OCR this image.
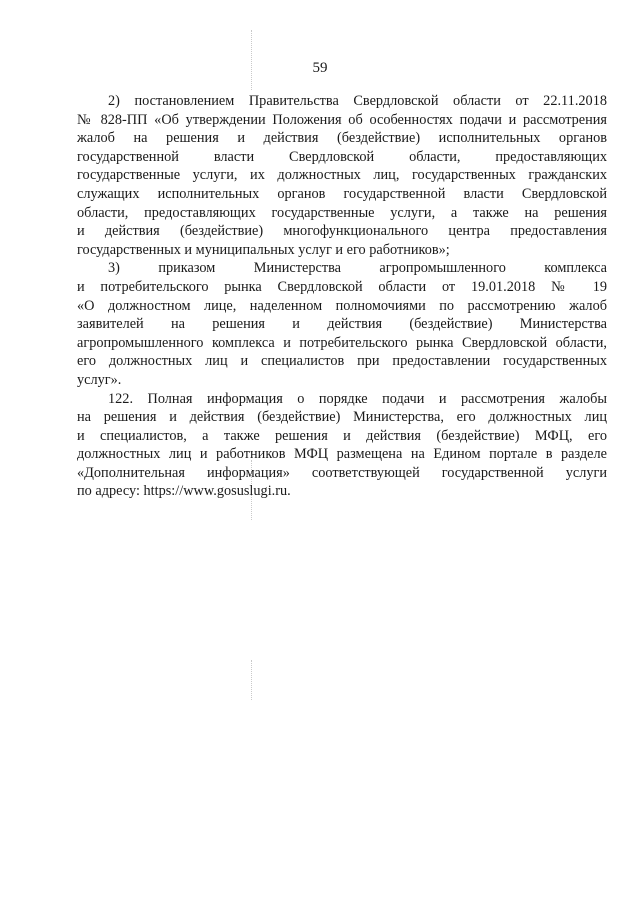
59
2) постановлением Правительства Свердловской области от 22.11.2018
№ 828-ПП «Об утверждении Положения об особенностях подачи и рассмотрения
жалоб на решения и действия (бездействие) исполнительных органов
государственной власти Свердловской области, предоставляющих
государственные услуги, их должностных лиц, государственных гражданских
служащих исполнительных органов государственной власти Свердловской
области, предоставляющих государственные услуги, а также на решения
и действия (бездействие) многофункционального центра предоставления
государственных и муниципальных услуг и его работников»;
3) приказом Министерства агропромышленного комплекса
и потребительского рынка Свердловской области от 19.01.2018 № 19
«О должностном лице, наделенном полномочиями по рассмотрению жалоб
заявителей на решения и действия (бездействие) Министерства
агропромышленного комплекса и потребительского рынка Свердловской области,
его должностных лиц и специалистов при предоставлении государственных
услуг».
122. Полная информация о порядке подачи и рассмотрения жалобы
на решения и действия (бездействие) Министерства, его должностных лиц
и специалистов, а также решения и действия (бездействие) МФЦ, его
должностных лиц и работников МФЦ размещена на Едином портале в разделе
«Дополнительная информация» соответствующей государственной услуги
по адресу: https://www.gosuslugi.ru.
